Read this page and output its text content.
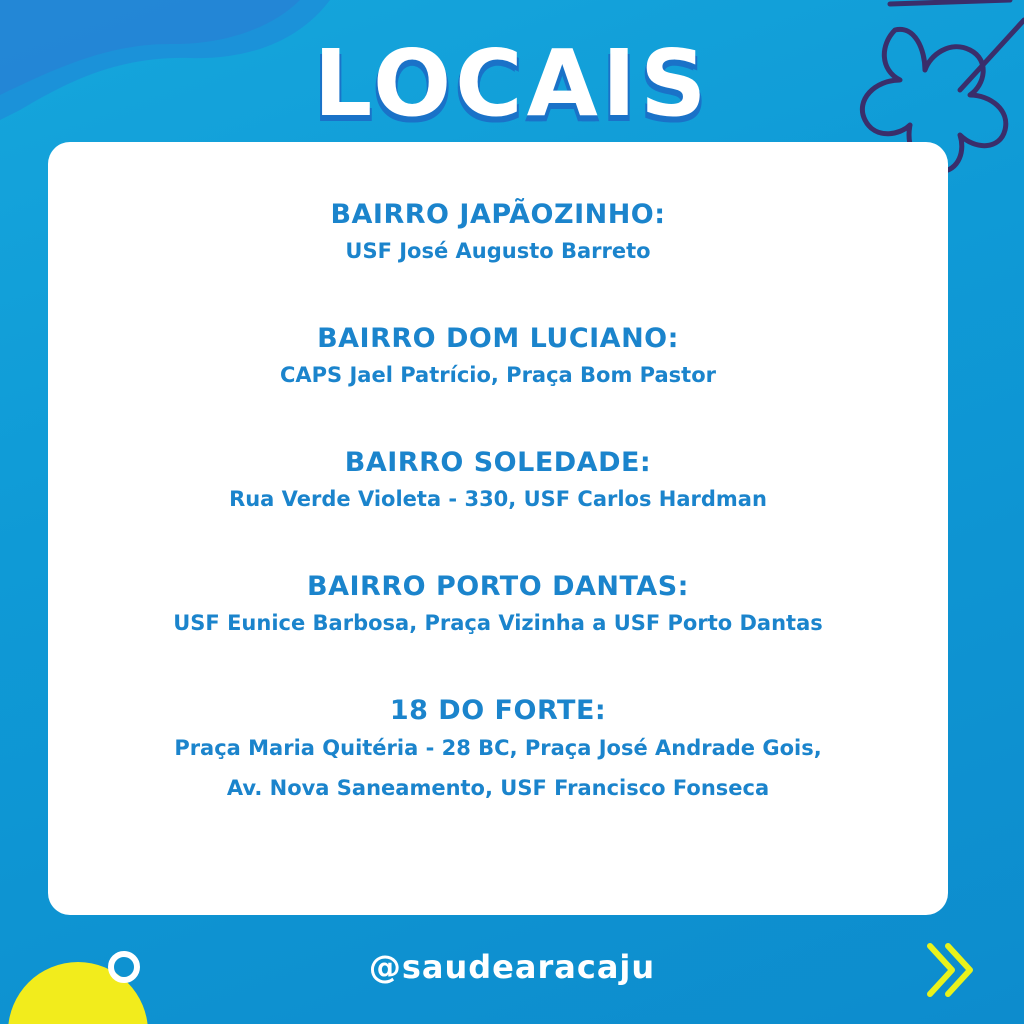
LOCAIS
BAIRRO JAPÃOZINHO:
USF José Augusto Barreto
BAIRRO DOM LUCIANO:
CAPS Jael Patrício, Praça Bom Pastor
BAIRRO SOLEDADE:
Rua Verde Violeta - 330, USF Carlos Hardman
BAIRRO PORTO DANTAS:
USF Eunice Barbosa, Praça Vizinha a USF Porto Dantas
18 DO FORTE:
Praça Maria Quitéria - 28 BC, Praça José Andrade Gois,
Av. Nova Saneamento, USF Francisco Fonseca
@saudearacaju
